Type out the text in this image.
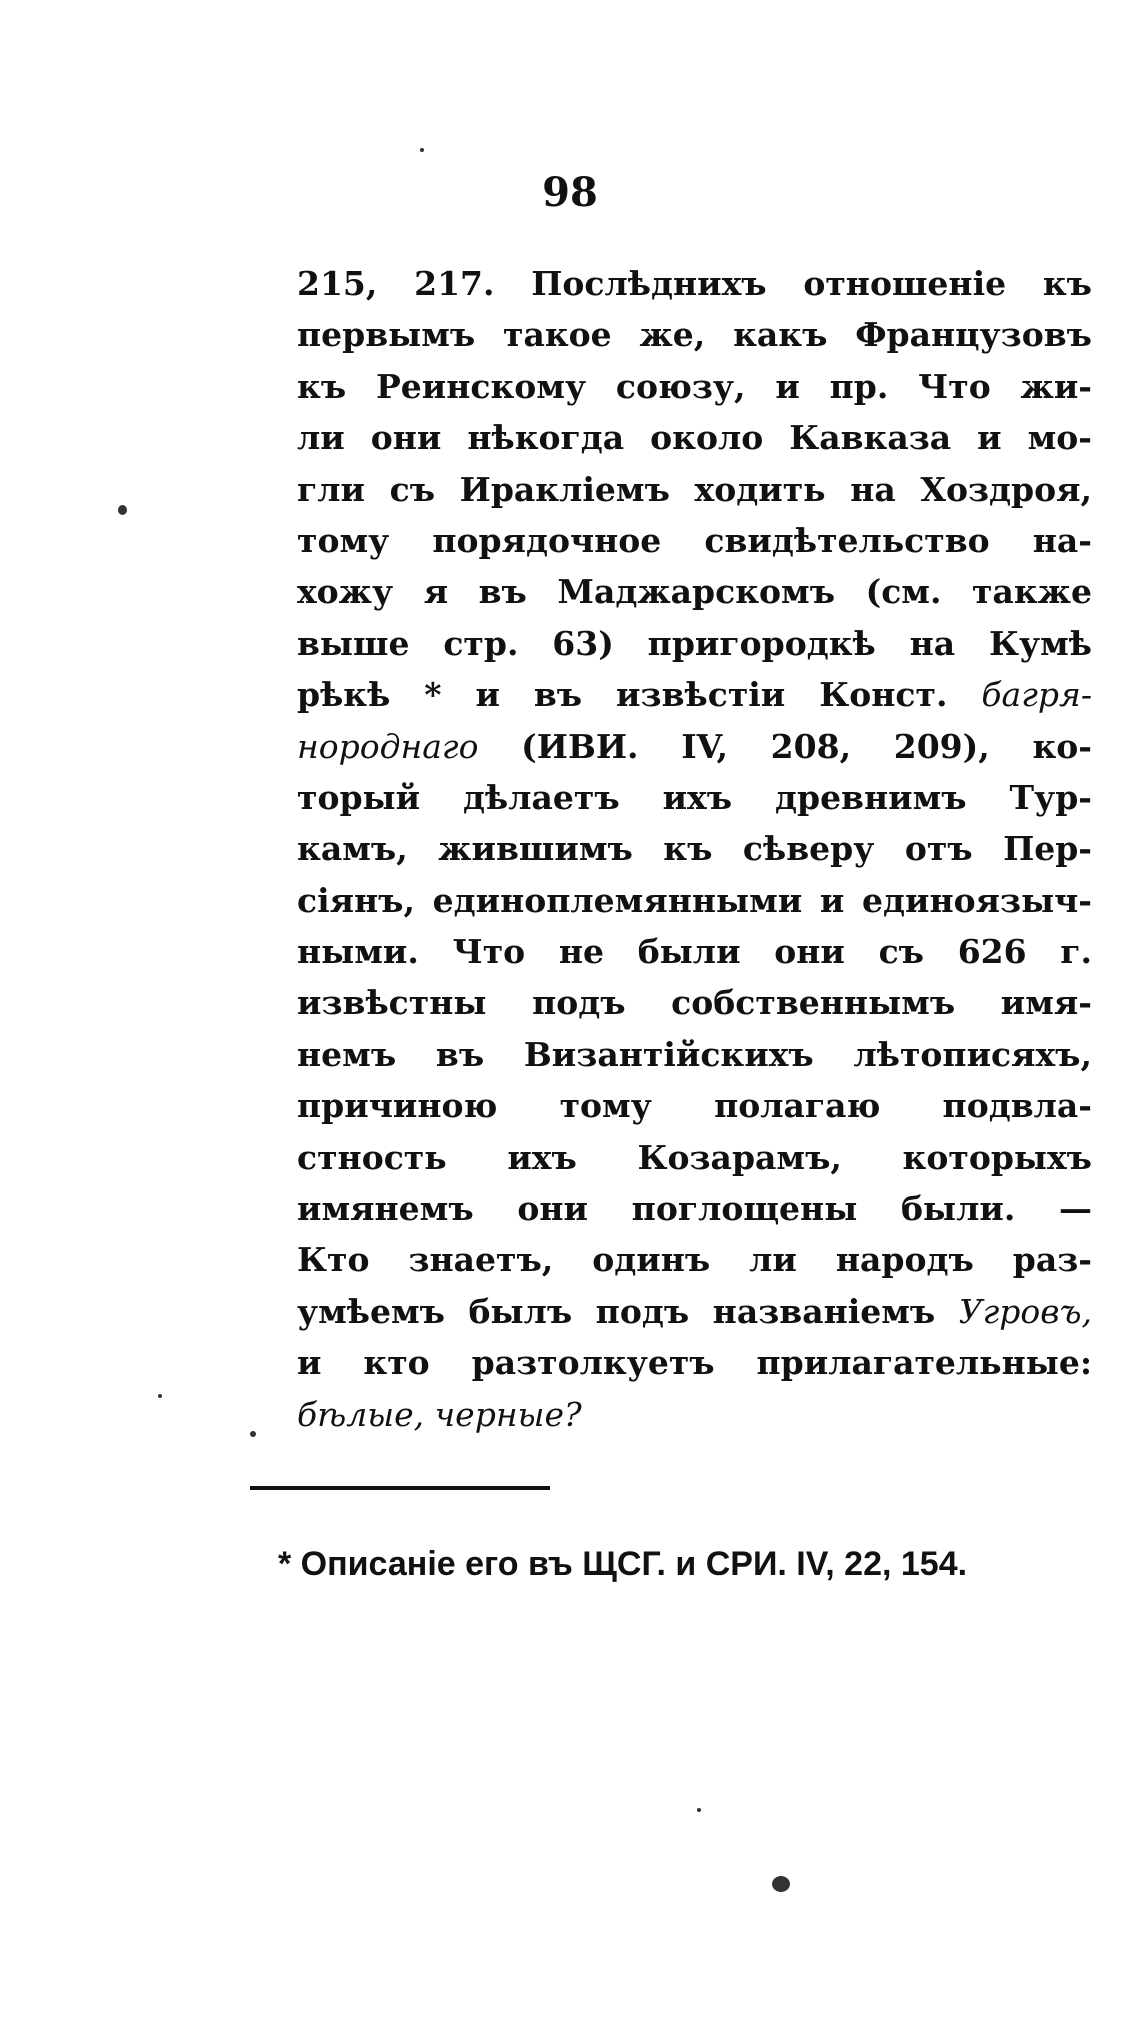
98
215, 217. Послѣднихъ отношеніе къ
первымъ такое же, какъ Французовъ
къ Реинскому союзу, и пр. Что жи-
ли они нѣкогда около Кавказа и мо-
гли съ Иракліемъ ходить на Хоздроя,
тому порядочное свидѣтельство на-
хожу я въ Маджарскомъ (см. также
выше стр. 63) пригородкѣ на Кумѣ
рѣкѣ * и въ извѣстіи Конст. багря-
нороднаго (ИВИ. IV, 208, 209), ко-
торый дѣлаетъ ихъ древнимъ Тур-
камъ, жившимъ къ сѣверу отъ Пер-
сіянъ, единоплемянными и единоязыч-
ными. Что не были они съ 626 г.
извѣстны подъ собственнымъ имя-
немъ въ Византійскихъ лѣтописяхъ,
причиною тому полагаю подвла-
стность ихъ Козарамъ, которыхъ
имянемъ они поглощены были. —
Кто знаетъ, одинъ ли народъ раз-
умѣемъ былъ подъ названіемъ Угровъ,
и кто разтолкуетъ прилагательные:
бѣлые, черные?
* Описаніе его въ ЩСГ. и СРИ. IV, 22, 154.
